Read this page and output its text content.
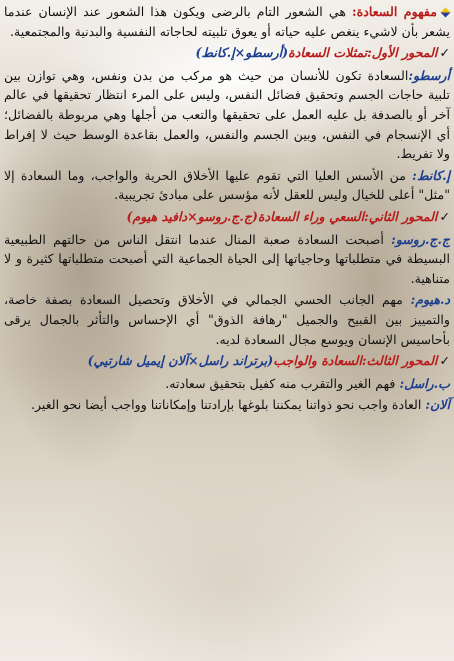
مفهوم السعادة: هي الشعور التام بالرضى ويكون هذا الشعور عند الإنسان عندما يشعر بأن لاشيء ينغص عليه حياته أو يعوق تلبيته لحاجاته النفسية والبدنية والمجتمعية.

✓المحور الأول:تمثلات السعادة(أرسطو×إ.كانط)

أرسطو:السعادة تكون للأنسان من حيث هو مركب من بدن ونفس، وهي توازن بين تلبية حاجات الجسم وتحقيق فضائل النفس، وليس على المرء انتظار تحقيقها في عالم آخر أو بالصدفة بل عليه العمل على تحقيقها والتعب من أجلها وهي مربوطة بالفضائل؛أي الإنسجام في النفس، وبين الجسم والنفس، والعمل بقاعدة الوسط حيث لا إفراط ولا تفريط.

إ.كانط: من الأسس العليا التي تقوم عليها الأخلاق الحرية والواجب، وما السعادة إلا "مثل" أعلى للخيال وليس للعقل لأنه مؤسس على مبادئ تجريبية.

✓المحور الثاني:السعي وراء السعادة(ج.ج.روسو×دافيد هيوم)

ج.ج.روسو: أصبحت السعادة صعبة المنال عندما انتقل الناس من حالتهم الطبيعية البسيطة في متطلباتها وحاجياتها إلى الحياة الجماعية التي أصبحت متطلباتها كثيرة و لا متناهية.

د.هيوم: مهم الجانب الحسي الجمالي في الأخلاق وتحصيل السعادة بصفة خاصة، والتمييز بين القبيح والجميل "رهافة الذوق" أي الإحساس والتأثر بالجمال يرقى بأحاسيس الإنسان ويوسع مجال السعادة لديه.

✓المحور الثالث:السعادة والواجب(برتراند راسل×آلان إيميل شارتيي)

ب.راسل: فهم الغير والتقرب منه كفيل بتحقيق سعادته.

آلان: العادة واجب نحو ذواتنا يمكننا بلوغها بإرادتنا وإمكاناتنا وواجب أيضا نحو الغير.
